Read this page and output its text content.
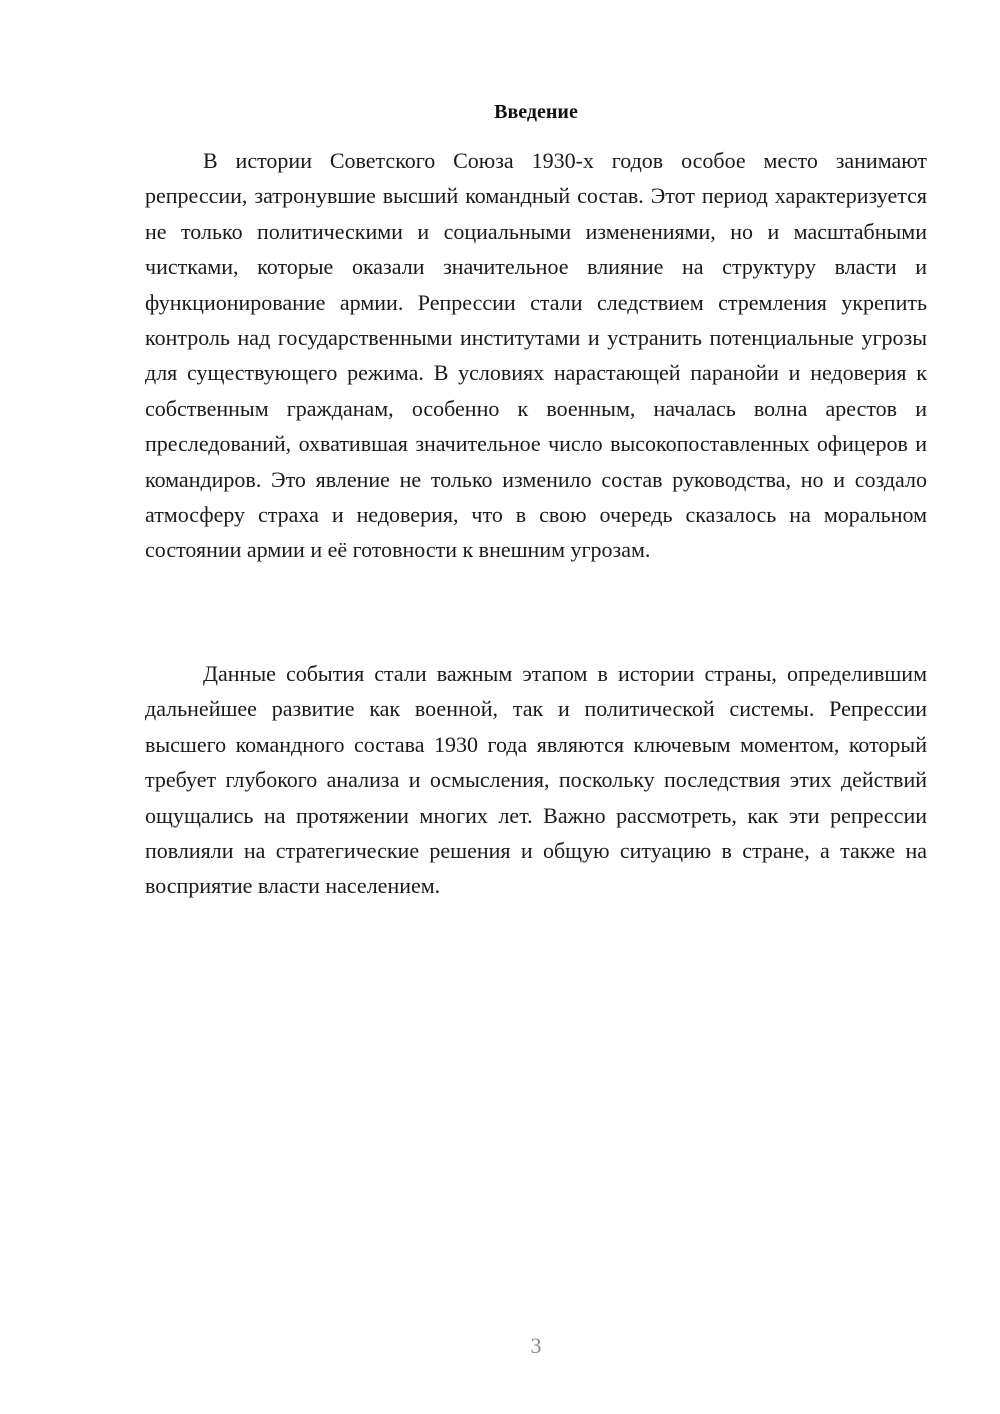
Введение

В истории Советского Союза 1930-х годов особое место занимают репрессии, затронувшие высший командный состав. Этот период характеризуется не только политическими и социальными изменениями, но и масштабными чистками, которые оказали значительное влияние на структуру власти и функционирование армии. Репрессии стали следствием стремления укрепить контроль над государственными институтами и устранить потенциальные угрозы для существующего режима. В условиях нарастающей паранойи и недоверия к собственным гражданам, особенно к военным, началась волна арестов и преследований, охватившая значительное число высокопоставленных офицеров и командиров. Это явление не только изменило состав руководства, но и создало атмосферу страха и недоверия, что в свою очередь сказалось на моральном состоянии армии и её готовности к внешним угрозам.

Данные события стали важным этапом в истории страны, определившим дальнейшее развитие как военной, так и политической системы. Репрессии высшего командного состава 1930 года являются ключевым моментом, который требует глубокого анализа и осмысления, поскольку последствия этих действий ощущались на протяжении многих лет. Важно рассмотреть, как эти репрессии повлияли на стратегические решения и общую ситуацию в стране, а также на восприятие власти населением.

3
